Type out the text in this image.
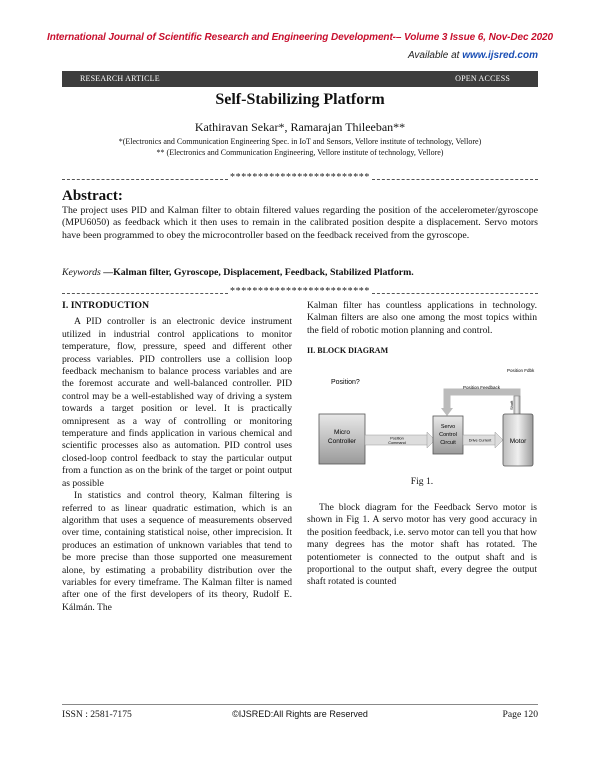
International Journal of Scientific Research and Engineering Development-– Volume 3 Issue 6, Nov-Dec 2020
Available at www.ijsred.com
RESEARCH ARTICLE	OPEN ACCESS
Self-Stabilizing Platform
Kathiravan Sekar*, Ramarajan Thileeban**
*(Electronics and Communication Engineering Spec. in IoT and Sensors, Vellore institute of technology, Vellore)
** (Electronics and Communication Engineering, Vellore institute of technology, Vellore)
*************************
Abstract:
The project uses PID and Kalman filter to obtain filtered values regarding the position of the accelerometer/gyroscope (MPU6050) as feedback which it then uses to remain in the calibrated position despite a displacement. Servo motors have been programmed to obey the microcontroller based on the feedback received from the gyroscope.
Keywords —Kalman filter, Gyroscope, Displacement, Feedback, Stabilized Platform.
*************************
I. INTRODUCTION

A PID controller is an electronic device instrument utilized in industrial control applications to monitor temperature, flow, pressure, speed and different other process variables. PID controllers use a collision loop feedback mechanism to balance process variables and are the foremost accurate and well-balanced controller. PID control may be a well-established way of driving a system towards a target position or level. It is practically omnipresent as a way of controlling or monitoring temperature and finds application in various chemical and scientific processes also as automation. PID control uses closed-loop control feedback to stay the particular output from a function as on the brink of the target or point output as possible

In statistics and control theory, Kalman filtering is referred to as linear quadratic estimation, which is an algorithm that uses a sequence of measurements observed over time, containing statistical noise, other imprecision. It produces an estimation of unknown variables that tend to be more precise than those supported one measurement alone, by estimating a probability distribution over the variables for every timeframe. The Kalman filter is named after one of the first developers of its theory, Rudolf E. Kálmán. The

Kalman filter has countless applications in technology. Kalman filters are also one among the most topics within the field of robotic motion planning and control.

II. BLOCK DIAGRAM
Position?
Position Fdbk
Position Feedback
Shaft
Micro
Controller	Position
Command
Servo
Control
Circuit	Drive Current	Motor
Fig 1.

The block diagram for the Feedback Servo motor is shown in Fig 1. A servo motor has very good accuracy in the position feedback, i.e. servo motor can tell you that how many degrees has the motor shaft has rotated. The potentiometer is connected to the output shaft and is proportional to the output shaft, every degree the output shaft rotated is counted

ISSN : 2581-7175	©IJSRED:All Rights are Reserved	Page 120
